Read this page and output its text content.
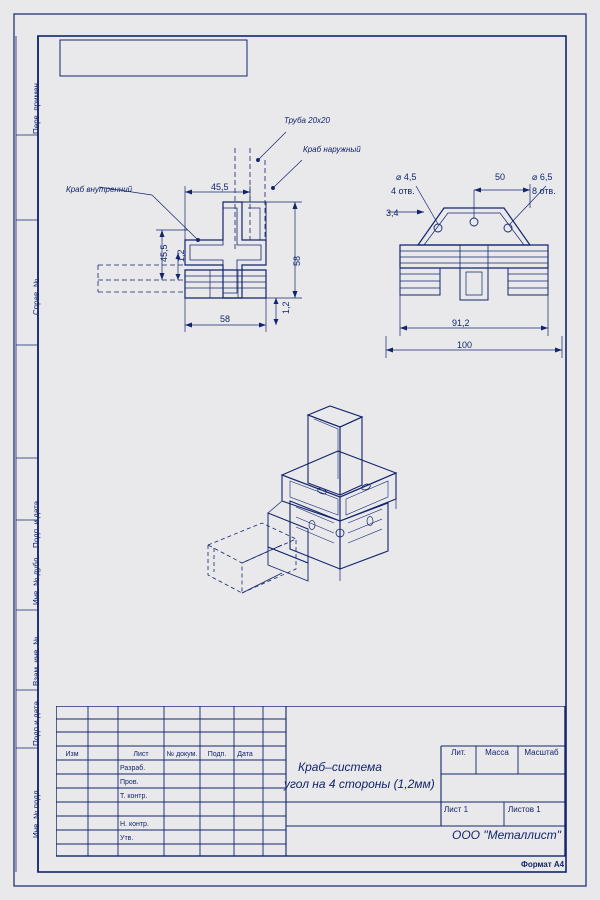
Перв. примен.
Справ. №
Подп. и дата
Инв. № дубл.
Взам. инв. №
Подп и дата
Инв. № подл.
Труба 20х20
Краб наружный
Краб внутренний	45,5
45,5 1,2	58
58
1,2
⌀ 4,5
4 отв.
50	⌀ 6,5
8 отв.
3,4
91,2
100
Изм	Лист	№ докум.	Подп.	Дата
Разраб.
Пров.
Т. контр.
Н. контр.
Утв.
Краб–система
угол на 4 стороны (1,2мм)
Лит.	Масса	Масштаб
Лист 1	Листов 1
ООО "Металлист"
Формат А4
